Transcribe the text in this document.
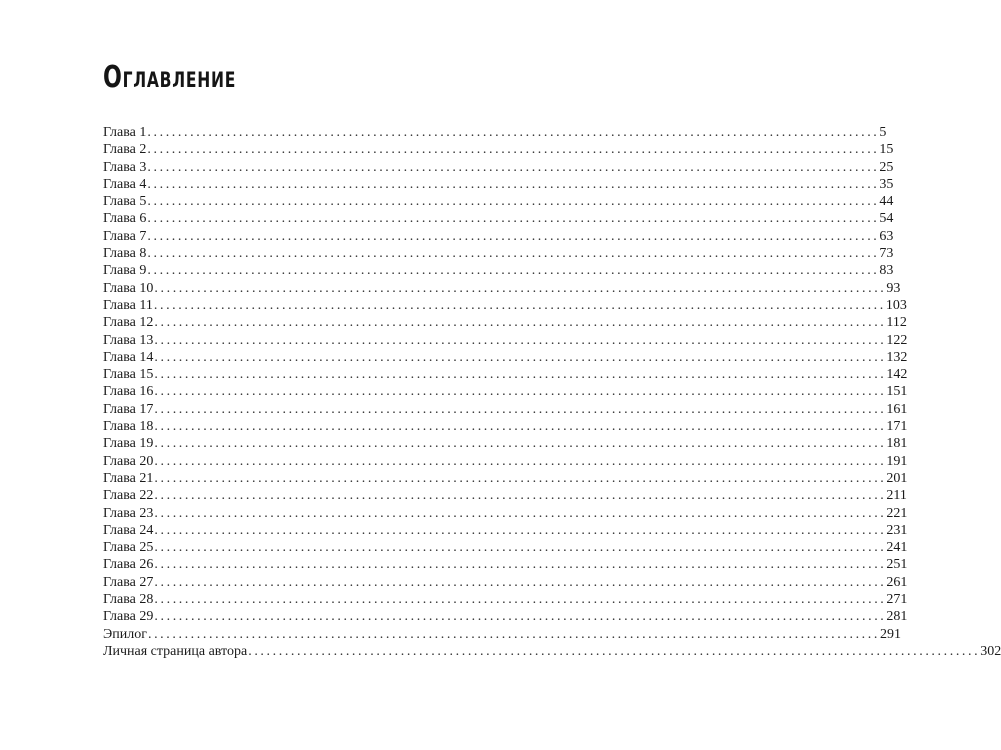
Оглавление
Глава 1 ........................................................................................................................ 5
Глава 2 ........................................................................................................................ 15
Глава 3 ........................................................................................................................ 25
Глава 4 ........................................................................................................................ 35
Глава 5 ........................................................................................................................ 44
Глава 6 ........................................................................................................................ 54
Глава 7 ........................................................................................................................ 63
Глава 8 ........................................................................................................................ 73
Глава 9 ........................................................................................................................ 83
Глава 10 ........................................................................................................................ 93
Глава 11 ........................................................................................................................ 103
Глава 12 ........................................................................................................................ 112
Глава 13 ........................................................................................................................ 122
Глава 14 ........................................................................................................................ 132
Глава 15 ........................................................................................................................ 142
Глава 16 ........................................................................................................................ 151
Глава 17 ........................................................................................................................ 161
Глава 18 ........................................................................................................................ 171
Глава 19 ........................................................................................................................ 181
Глава 20 ........................................................................................................................ 191
Глава 21 ........................................................................................................................ 201
Глава 22 ........................................................................................................................ 211
Глава 23 ........................................................................................................................ 221
Глава 24 ........................................................................................................................ 231
Глава 25 ........................................................................................................................ 241
Глава 26 ........................................................................................................................ 251
Глава 27 ........................................................................................................................ 261
Глава 28 ........................................................................................................................ 271
Глава 29 ........................................................................................................................ 281
Эпилог ........................................................................................................................ 291
Личная страница автора ........................................................................................................................ 302
